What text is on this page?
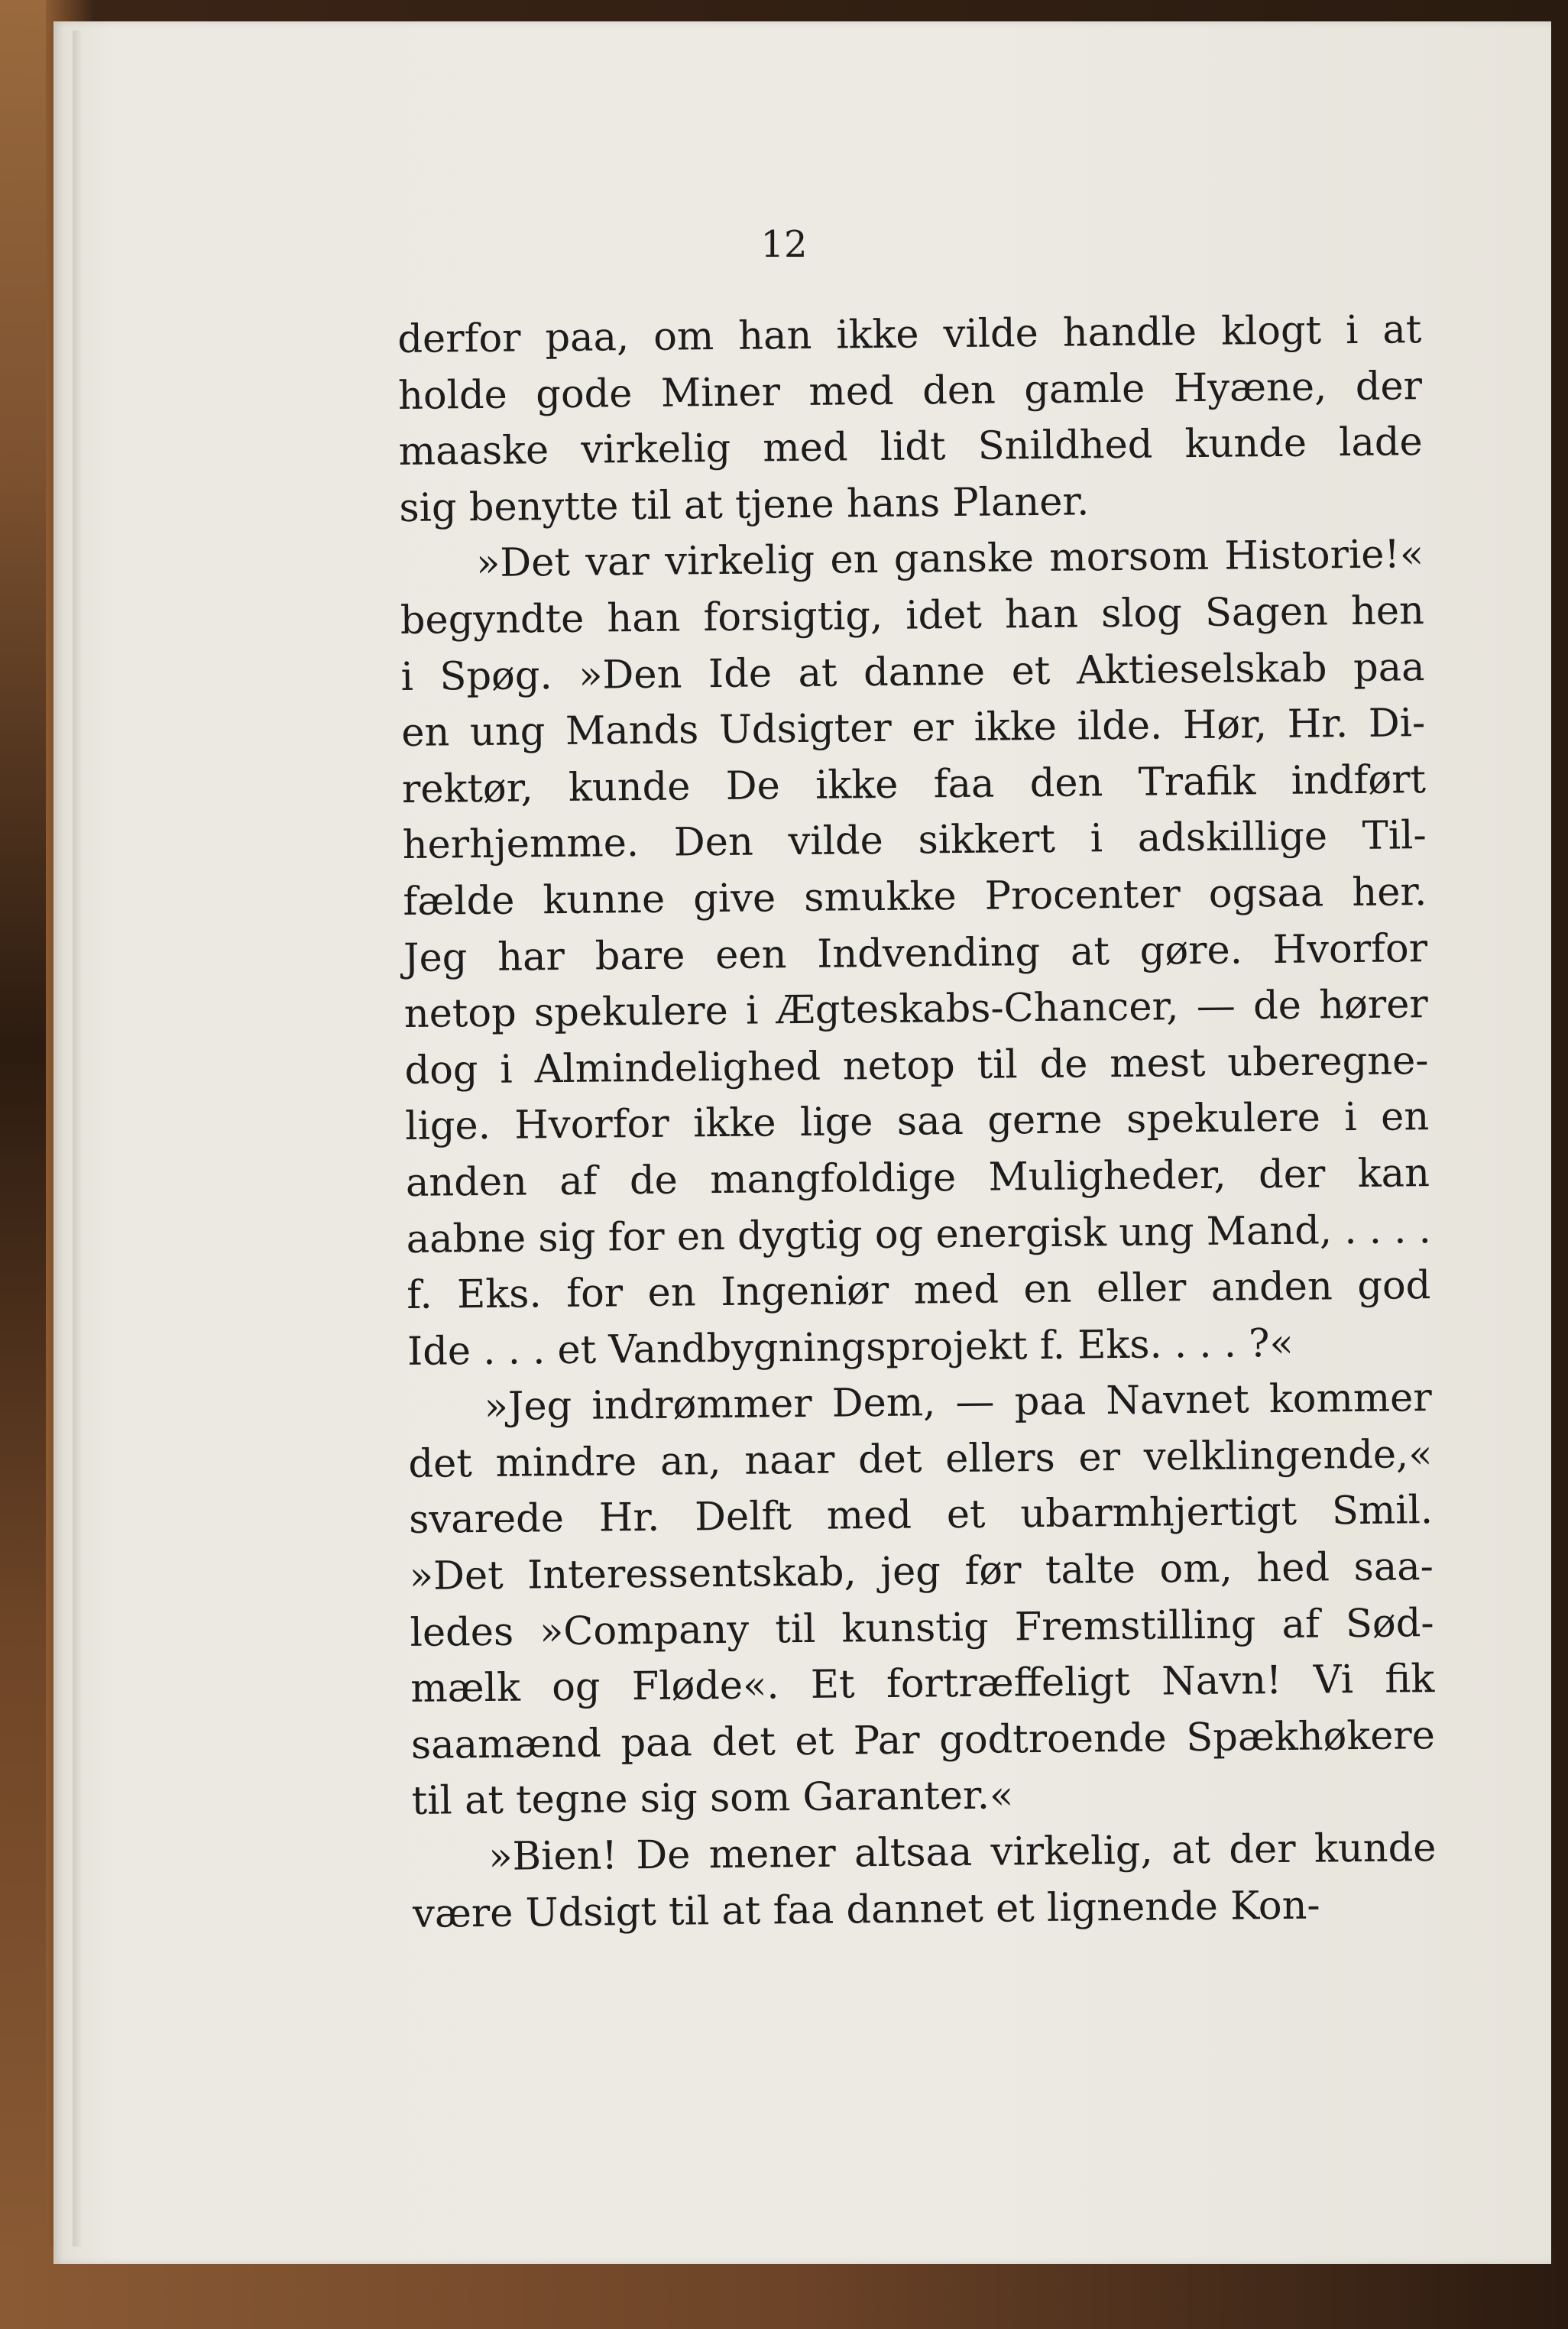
12
derfor paa, om han ikke vilde handle klogt i at
holde gode Miner med den gamle Hyæne, der
maaske virkelig med lidt Snildhed kunde lade
sig benytte til at tjene hans Planer.
»Det var virkelig en ganske morsom Historie!«
begyndte han forsigtig, idet han slog Sagen hen
i Spøg. »Den Ide at danne et Aktieselskab paa
en ung Mands Udsigter er ikke ilde. Hør, Hr. Di-
rektør, kunde De ikke faa den Trafik indført
herhjemme. Den vilde sikkert i adskillige Til-
fælde kunne give smukke Procenter ogsaa her.
Jeg har bare een Indvending at gøre. Hvorfor
netop spekulere i Ægteskabs-Chancer, — de hører
dog i Almindelighed netop til de mest uberegne-
lige. Hvorfor ikke lige saa gerne spekulere i en
anden af de mangfoldige Muligheder, der kan
aabne sig for en dygtig og energisk ung Mand, . . . .
f. Eks. for en Ingeniør med en eller anden god
Ide . . . et Vandbygningsprojekt f. Eks. . . . ?«
»Jeg indrømmer Dem, — paa Navnet kommer
det mindre an, naar det ellers er velklingende,«
svarede Hr. Delft med et ubarmhjertigt Smil.
»Det Interessentskab, jeg før talte om, hed saa-
ledes »Company til kunstig Fremstilling af Sød-
mælk og Fløde«. Et fortræffeligt Navn! Vi fik
saamænd paa det et Par godtroende Spækhøkere
til at tegne sig som Garanter.«
»Bien! De mener altsaa virkelig, at der kunde
være Udsigt til at faa dannet et lignende Kon-
